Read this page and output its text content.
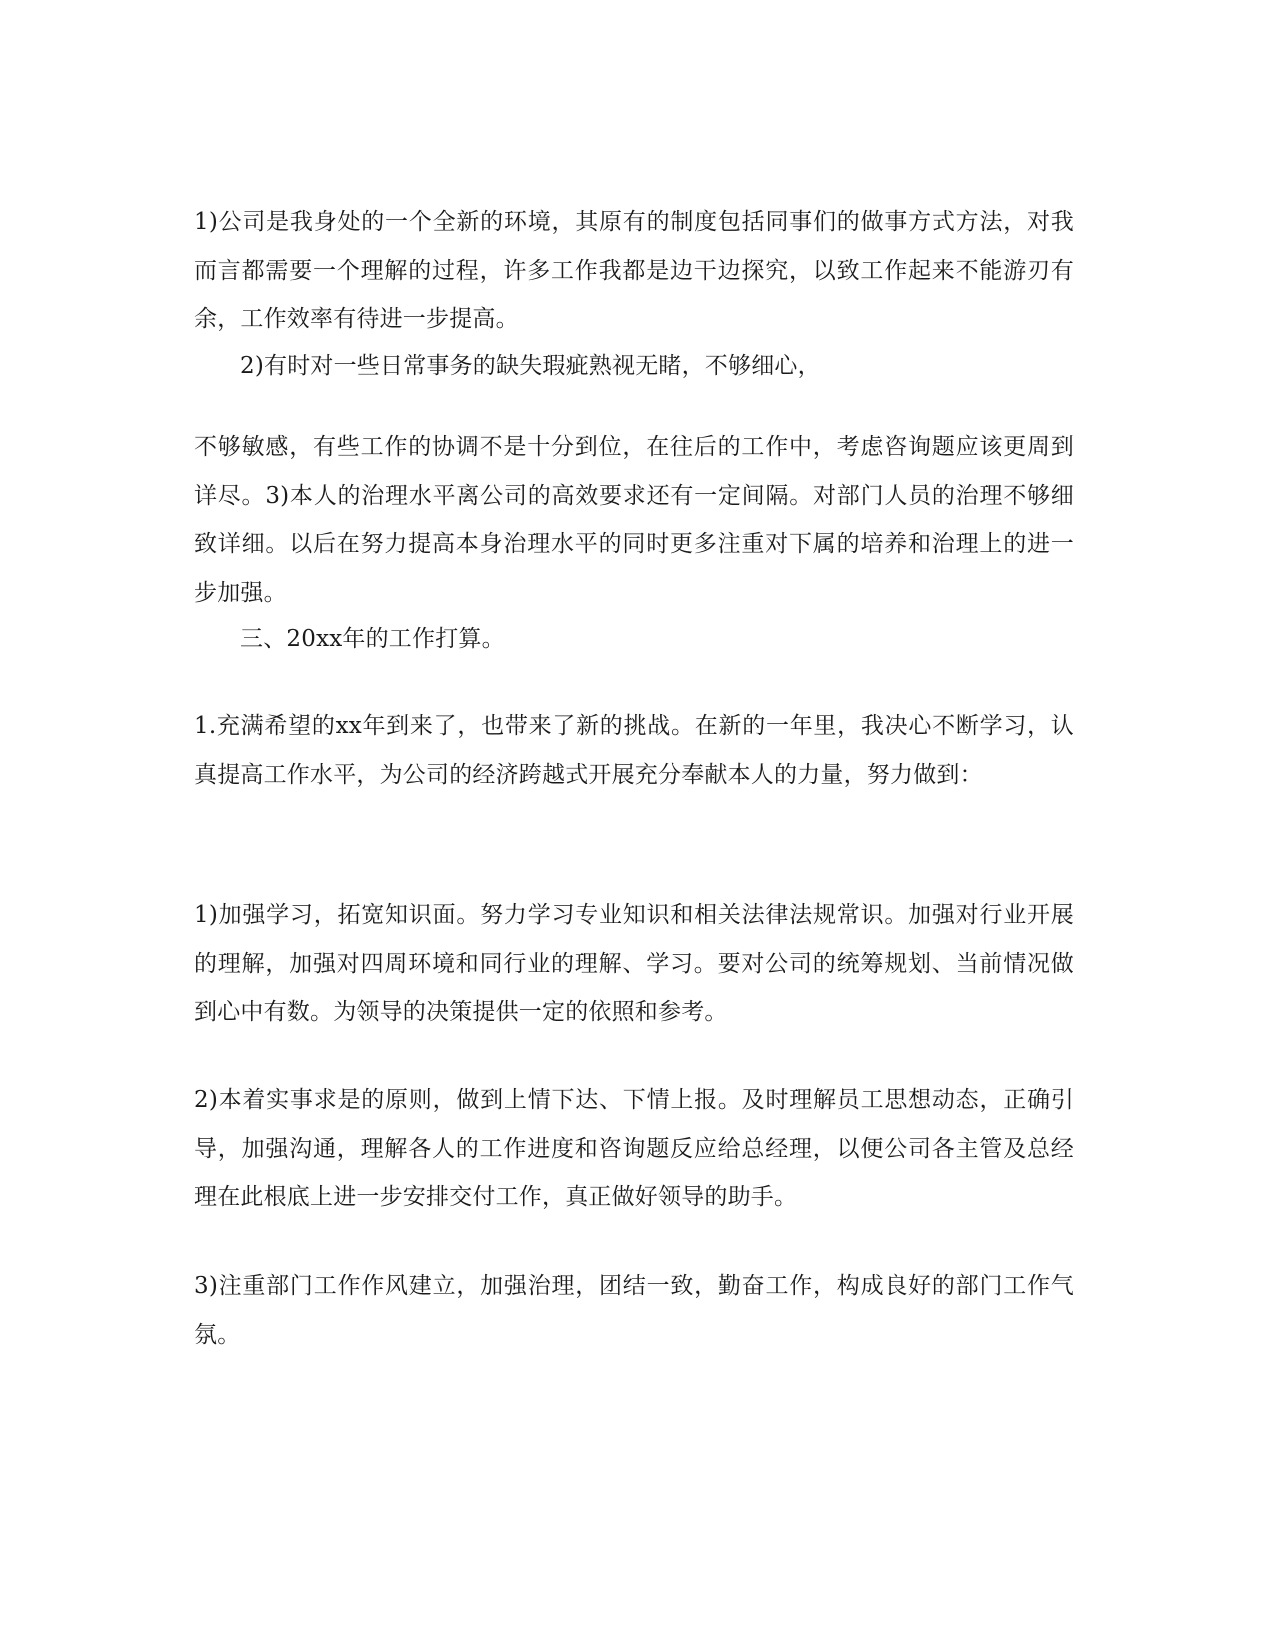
1)公司是我身处的一个全新的环境，其原有的制度包括同事们的做事方式方法，对我而言都需要一个理解的过程，许多工作我都是边干边探究，以致工作起来不能游刃有余，工作效率有待进一步提高。

2)有时对一些日常事务的缺失瑕疵熟视无睹，不够细心，

不够敏感，有些工作的协调不是十分到位，在往后的工作中，考虑咨询题应该更周到详尽。3)本人的治理水平离公司的高效要求还有一定间隔。对部门人员的治理不够细致详细。以后在努力提高本身治理水平的同时更多注重对下属的培养和治理上的进一步加强。

三、20xx年的工作打算。

1.充满希望的xx年到来了，也带来了新的挑战。在新的一年里，我决心不断学习，认真提高工作水平，为公司的经济跨越式开展充分奉献本人的力量，努力做到：

1)加强学习，拓宽知识面。努力学习专业知识和相关法律法规常识。加强对行业开展的理解，加强对四周环境和同行业的理解、学习。要对公司的统筹规划、当前情况做到心中有数。为领导的决策提供一定的依照和参考。

2)本着实事求是的原则，做到上情下达、下情上报。及时理解员工思想动态，正确引导，加强沟通，理解各人的工作进度和咨询题反应给总经理，以便公司各主管及总经理在此根底上进一步安排交付工作，真正做好领导的助手。

3)注重部门工作作风建立，加强治理，团结一致，勤奋工作，构成良好的部门工作气氛。
